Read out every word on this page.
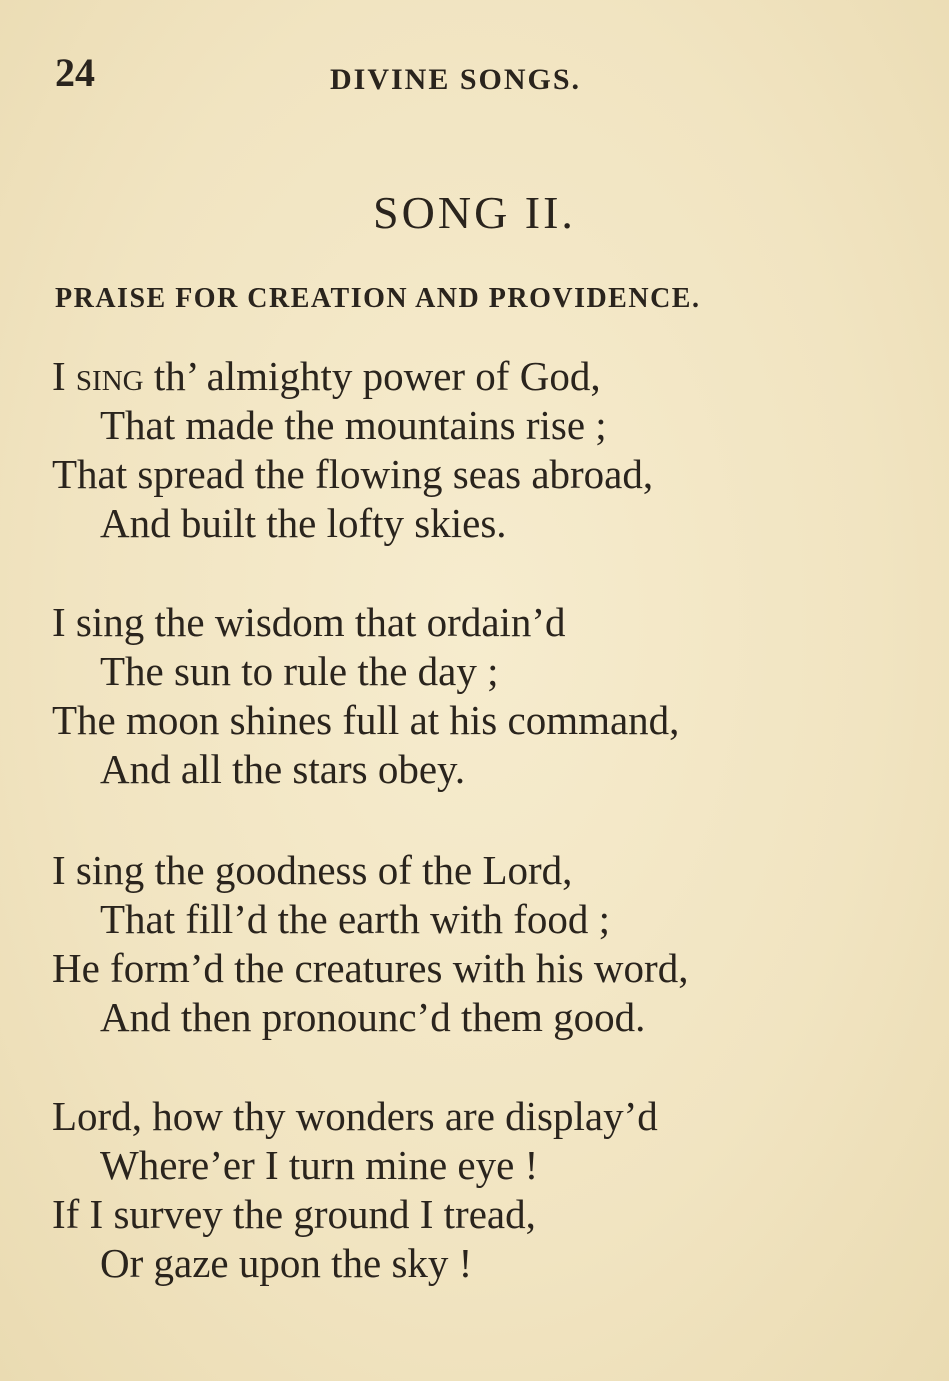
24	DIVINE SONGS.
SONG II.
PRAISE FOR CREATION AND PROVIDENCE.
I sing th’ almighty power of God,
That made the mountains rise ;
That spread the flowing seas abroad,
And built the lofty skies.
I sing the wisdom that ordain’d
The sun to rule the day ;
The moon shines full at his command,
And all the stars obey.
I sing the goodness of the Lord,
That fill’d the earth with food ;
He form’d the creatures with his word,
And then pronounc’d them good.
Lord, how thy wonders are display’d
Where’er I turn mine eye !
If I survey the ground I tread,
Or gaze upon the sky !
